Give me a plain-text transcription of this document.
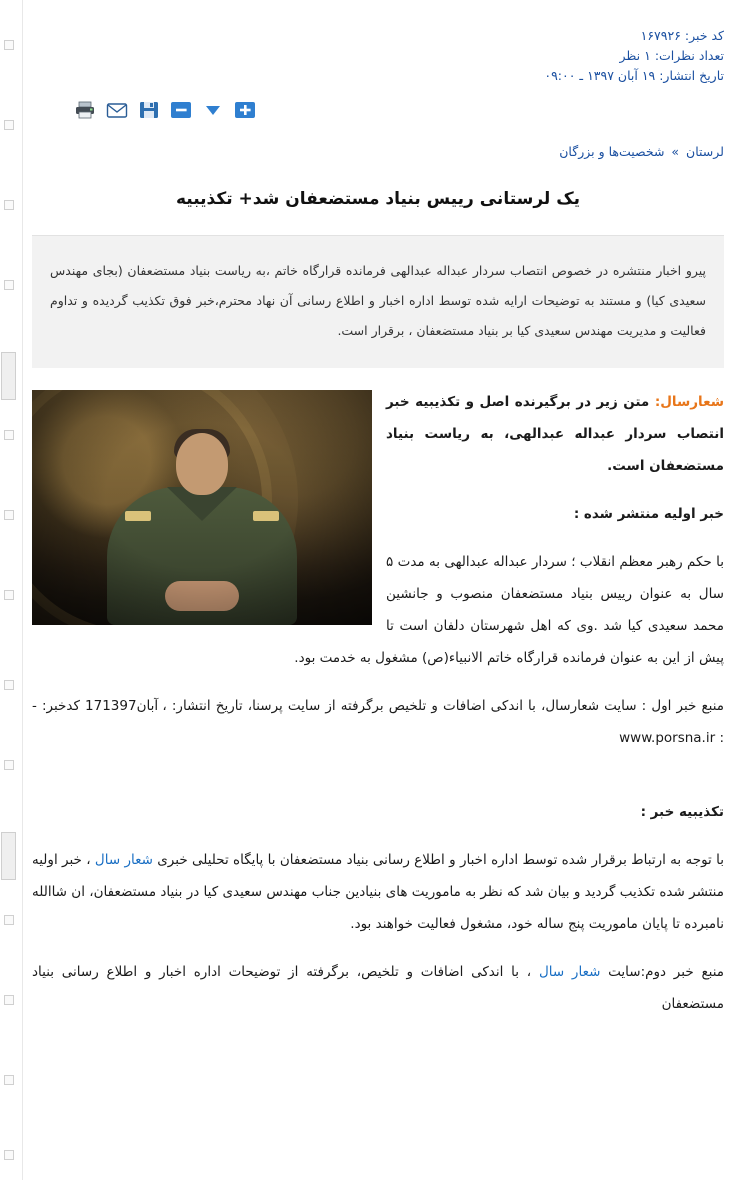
کد خبر: ۱۶۷۹۲۶
تعداد نظرات: ۱ نظر
تاریخ انتشار: ۱۹ آبان ۱۳۹۷ ـ ۰۹:۰۰
لرستان » شخصیت‌ها و بزرگان
یک لرستانی رییس بنیاد مستضعفان شد+ تکذیبیه
پیرو اخبار منتشره در خصوص انتصاب سردار عبداله عبدالهی فرمانده قرارگاه خاتم ،به ریاست بنیاد مستضعفان (بجای مهندس سعیدی کیا) و مستند به توضیحات ارایه شده توسط اداره اخبار و اطلاع رسانی آن نهاد محترم،خبر فوق تکذیب گردیده و تداوم فعالیت و مدیریت مهندس سعیدی کیا بر بنیاد مستضعفان ، برقرار است.

شعارسال: متن زیر در برگیرنده اصل و تکذیبیه خبر انتصاب سردار عبداله عبدالهی، به ریاست بنیاد مستضعفان است.

خبر اولیه منتشر شده :

با حکم رهبر معظم انقلاب ؛ سردار عبداله عبدالهی به مدت ۵ سال به عنوان رییس بنیاد مستضعفان منصوب و جانشین محمد سعیدی کیا شد .وی که اهل شهرستان دلفان است تا پیش از این به عنوان فرمانده قرارگاه خاتم الانبیاء(ص) مشغول به خدمت بود.

منبع خبر اول : سایت شعارسال، با اندکی اضافات و تلخیص برگرفته از سایت پرسنا، تاریخ انتشار: 17آبان1397 ، کدخبر: - www.porsna.ir :

تکذیبیه خبر :

با توجه به ارتباط برقرار شده توسط اداره اخبار و اطلاع رسانی بنیاد مستضعفان با پایگاه تحلیلی خبری شعار سال ، خبر اولیه منتشر شده تکذیب گردید و بیان شد که نظر به ماموریت های بنیادین جناب مهندس سعیدی کیا در بنیاد مستضعفان، ان شاالله نامبرده تا پایان ماموریت پنج ساله خود، مشغول فعالیت خواهند بود.

منبع خبر دوم:سایت شعار سال ، با اندکی اضافات و تلخیص، برگرفته از توضیحات اداره اخبار و اطلاع رسانی بنیاد مستضعفان
